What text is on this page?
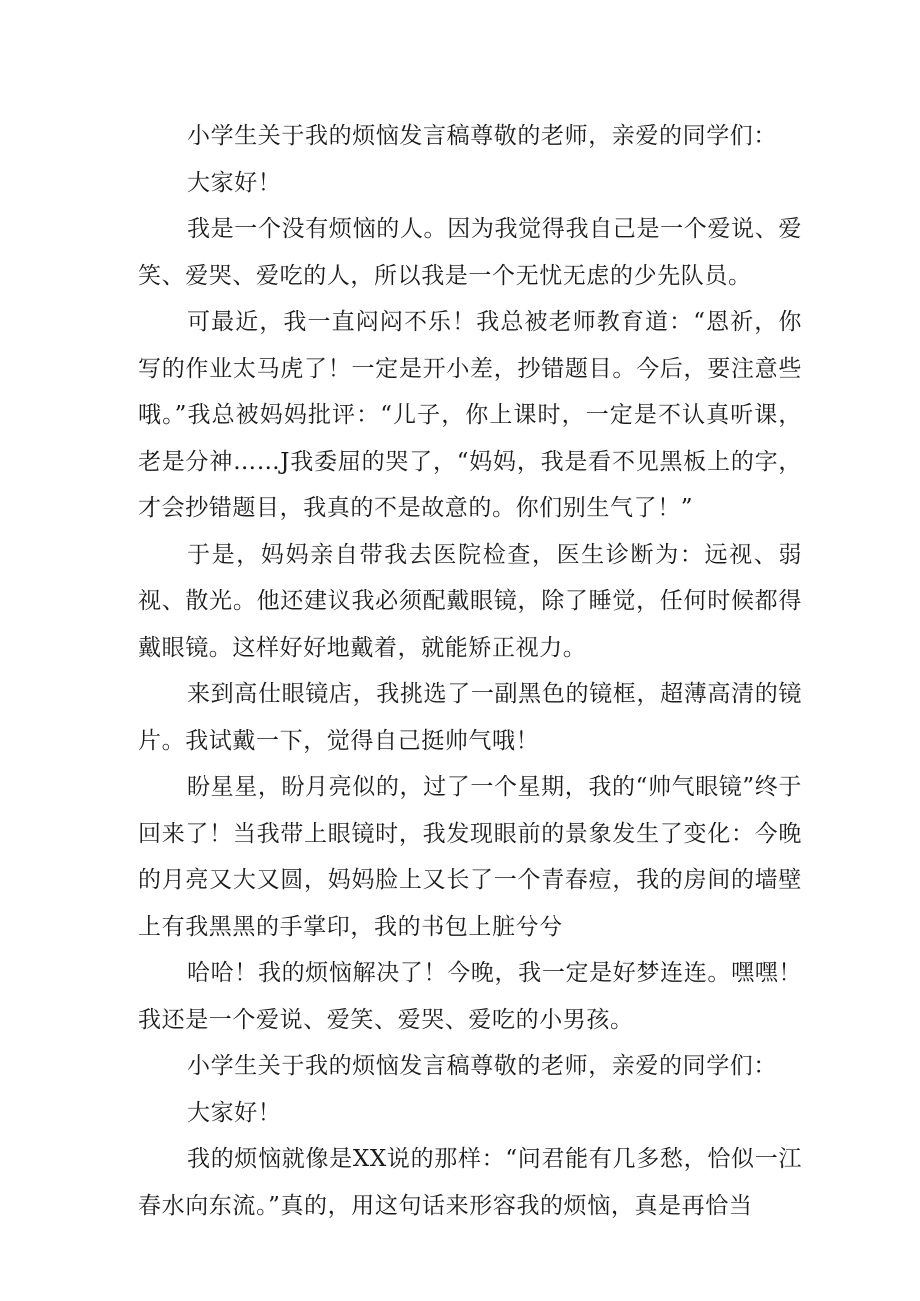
小学生关于我的烦恼发言稿尊敬的老师，亲爱的同学们：

大家好！

我是一个没有烦恼的人。因为我觉得我自己是一个爱说、爱笑、爱哭、爱吃的人，所以我是一个无忧无虑的少先队员。

可最近，我一直闷闷不乐！我总被老师教育道：“恩祈，你写的作业太马虎了！一定是开小差，抄错题目。今后，要注意些哦。”我总被妈妈批评：“儿子，你上课时，一定是不认真听课，老是分神……J我委屈的哭了，“妈妈，我是看不见黑板上的字，才会抄错题目，我真的不是故意的。你们别生气了！”

于是，妈妈亲自带我去医院检查，医生诊断为：远视、弱视、散光。他还建议我必须配戴眼镜，除了睡觉，任何时候都得戴眼镜。这样好好地戴着，就能矫正视力。

来到高仕眼镜店，我挑选了一副黑色的镜框，超薄高清的镜片。我试戴一下，觉得自己挺帅气哦！

盼星星，盼月亮似的，过了一个星期，我的“帅气眼镜”终于回来了！当我带上眼镜时，我发现眼前的景象发生了变化：今晚的月亮又大又圆，妈妈脸上又长了一个青春痘，我的房间的墙壁上有我黑黑的手掌印，我的书包上脏兮兮

哈哈！我的烦恼解决了！今晚，我一定是好梦连连。嘿嘿！我还是一个爱说、爱笑、爱哭、爱吃的小男孩。

小学生关于我的烦恼发言稿尊敬的老师，亲爱的同学们：

大家好！

我的烦恼就像是XX说的那样：“问君能有几多愁，恰似一江春水向东流。”真的，用这句话来形容我的烦恼，真是再恰当
